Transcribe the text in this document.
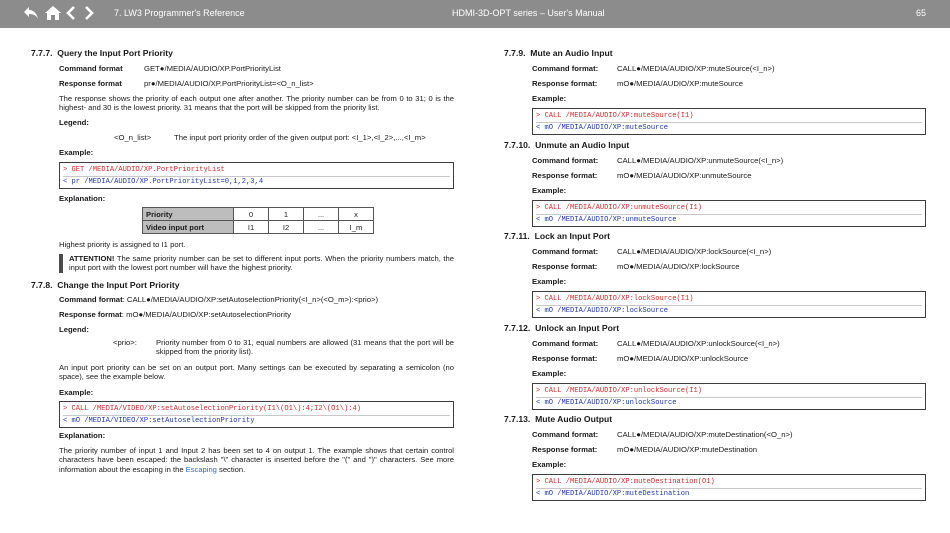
7. LW3 Programmer's Reference	HDMI-3D-OPT series – User's Manual	65
7.7.7. Query the Input Port Priority
Command format	GET●/MEDIA/AUDIO/XP.PortPriorityList
Response format	pr●/MEDIA/AUDIO/XP.PortPriorityList=<O_n_list>
The response shows the priority of each output one after another. The priority number can be from 0 to 31; 0 is the highest- and 30 is the lowest priority. 31 means that the port will be skipped from the priority list.
Legend:
<O_n_list>	The input port priority order of the given output port: <I_1>,<I_2>,...,<I_m>
Example:
> GET /MEDIA/AUDIO/XP.PortPriorityList
< pr /MEDIA/AUDIO/XP.PortPriorityList=0,1,2,3,4
Explanation:
Priority	0	1	...	x
Video input port	I1	I2	...	I_m
Highest priority is assigned to I1 port.
ATTENTION! The same priority number can be set to different input ports. When the priority numbers match, the input port with the lowest port number will have the highest priority.
7.7.8. Change the Input Port Priority
Command format: CALL●/MEDIA/AUDIO/XP:setAutoselectionPriority(<I_n>(<O_m>):<prio>)
Response format: mO●/MEDIA/AUDIO/XP:setAutoselectionPriority
Legend:
<prio>:	Priority number from 0 to 31, equal numbers are allowed (31 means that the port will be skipped from the priority list).
An input port priority can be set on an output port. Many settings can be executed by separating a semicolon (no space), see the example below.
Example:
> CALL /MEDIA/VIDEO/XP:setAutoselectionPriority(I1\(O1\):4;I2\(O1\):4)
< mO /MEDIA/VIDEO/XP:setAutoselectionPriority
Explanation:
The priority number of input 1 and Input 2 has been set to 4 on output 1. The example shows that certain control characters have been escaped: the backslash "\" character is inserted before the "(" and ")" characters. See more information about the escaping in the Escaping section.
7.7.9. Mute an Audio Input
Command format: CALL●/MEDIA/AUDIO/XP:muteSource(<I_n>)
Response format:	mO●/MEDIA/AUDIO/XP:muteSource
Example:
> CALL /MEDIA/AUDIO/XP:muteSource(I1)
< mO /MEDIA/AUDIO/XP:muteSource
7.7.10. Unmute an Audio Input
Command format: CALL●/MEDIA/AUDIO/XP:unmuteSource(<I_n>)
Response format:	mO●/MEDIA/AUDIO/XP:unmuteSource
Example:
> CALL /MEDIA/AUDIO/XP:unmuteSource(I1)
< mO /MEDIA/AUDIO/XP:unmuteSource
7.7.11. Lock an Input Port
Command format: CALL●/MEDIA/AUDIO/XP:lockSource(<I_n>)
Response format:	mO●/MEDIA/AUDIO/XP:lockSource
Example:
> CALL /MEDIA/AUDIO/XP:lockSource(I1)
< mO /MEDIA/AUDIO/XP:lockSource
7.7.12. Unlock an Input Port
Command format: CALL●/MEDIA/AUDIO/XP:unlockSource(<I_n>)
Response format:	mO●/MEDIA/AUDIO/XP:unlockSource
Example:
> CALL /MEDIA/AUDIO/XP:unlockSource(I1)
< mO /MEDIA/AUDIO/XP:unlockSource
7.7.13. Mute Audio Output
Command format: CALL●/MEDIA/AUDIO/XP:muteDestination(<O_n>)
Response format:	mO●/MEDIA/AUDIO/XP:muteDestination
Example:
> CALL /MEDIA/AUDIO/XP:muteDestination(O1)
< mO /MEDIA/AUDIO/XP:muteDestination
